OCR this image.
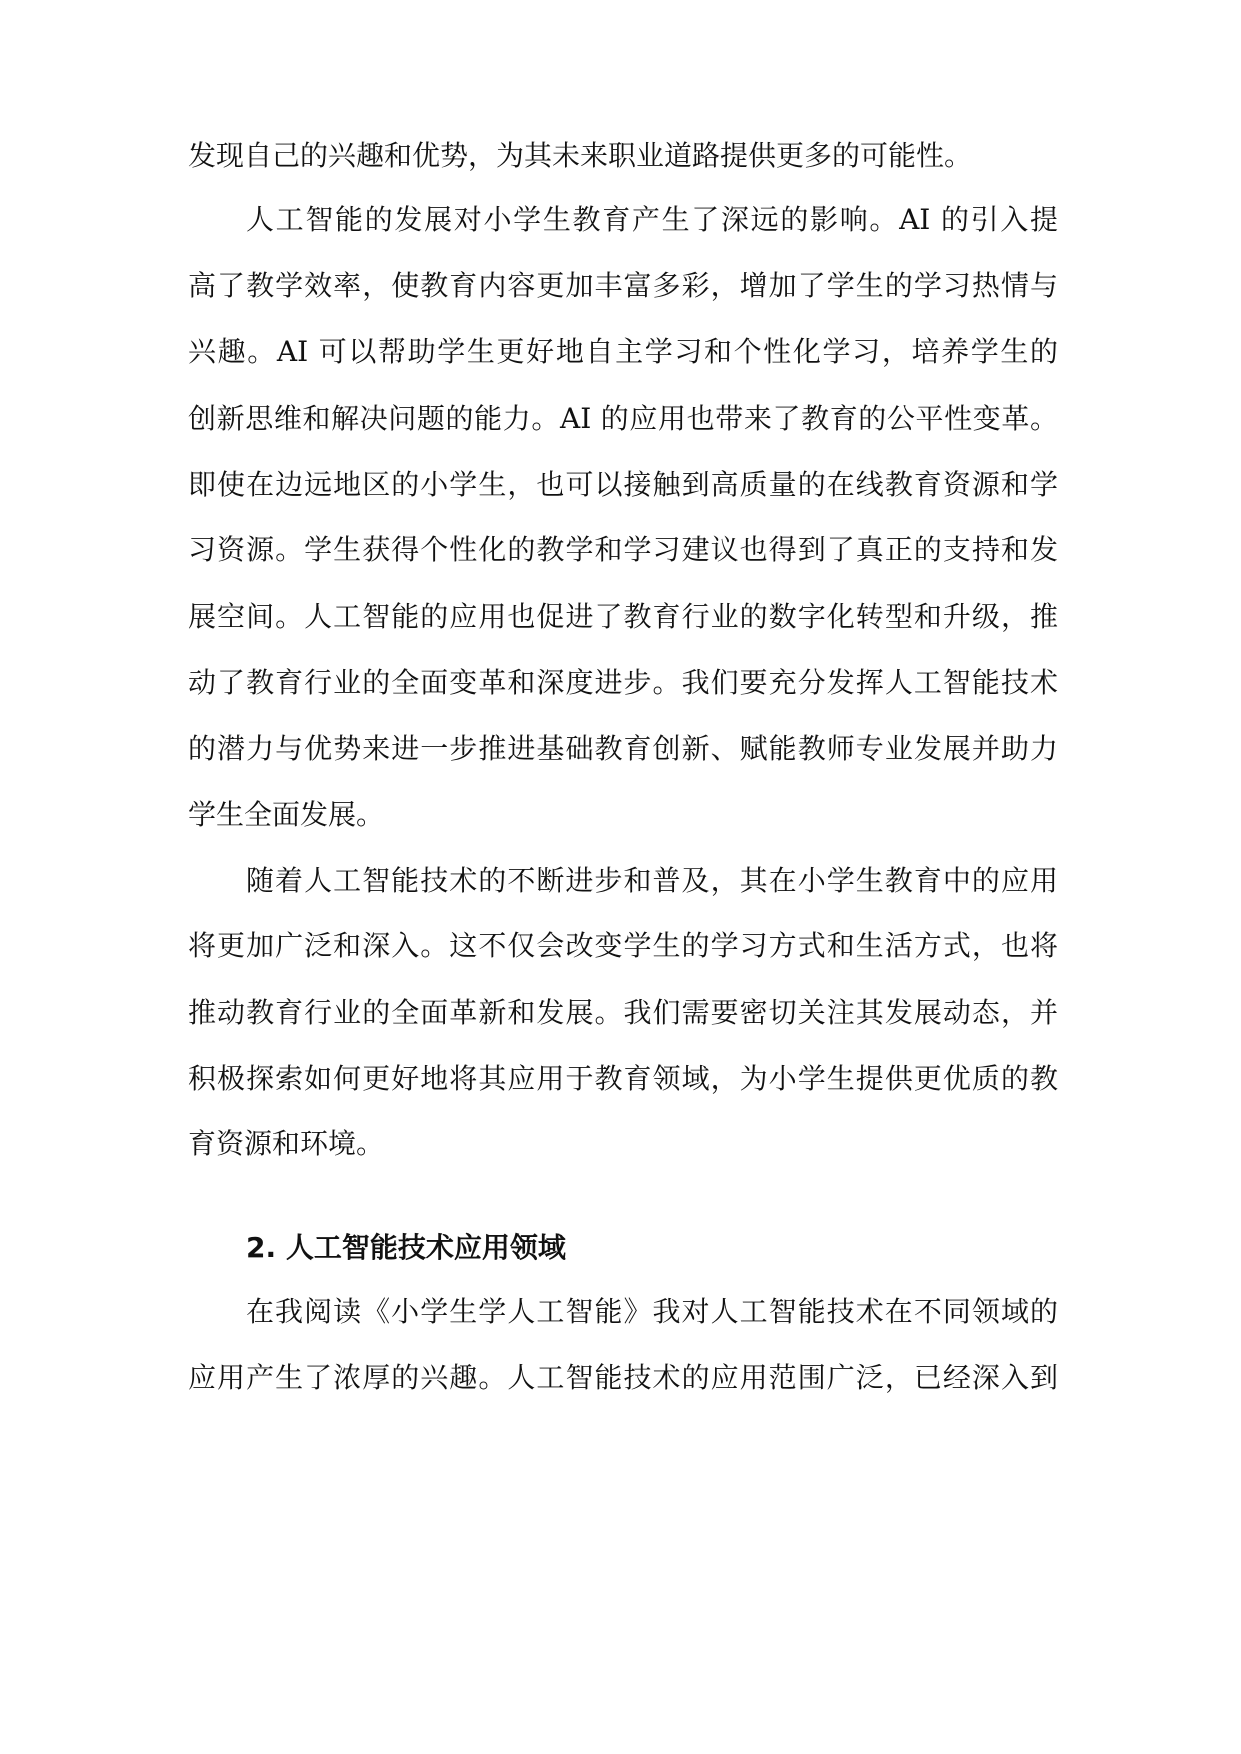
发现自己的兴趣和优势，为其未来职业道路提供更多的可能性。
人工智能的发展对小学生教育产生了深远的影响。AI 的引入提
高了教学效率，使教育内容更加丰富多彩，增加了学生的学习热情与
兴趣。AI 可以帮助学生更好地自主学习和个性化学习，培养学生的
创新思维和解决问题的能力。AI 的应用也带来了教育的公平性变革。
即使在边远地区的小学生，也可以接触到高质量的在线教育资源和学
习资源。学生获得个性化的教学和学习建议也得到了真正的支持和发
展空间。人工智能的应用也促进了教育行业的数字化转型和升级，推
动了教育行业的全面变革和深度进步。我们要充分发挥人工智能技术
的潜力与优势来进一步推进基础教育创新、赋能教师专业发展并助力
学生全面发展。
随着人工智能技术的不断进步和普及，其在小学生教育中的应用
将更加广泛和深入。这不仅会改变学生的学习方式和生活方式，也将
推动教育行业的全面革新和发展。我们需要密切关注其发展动态，并
积极探索如何更好地将其应用于教育领域，为小学生提供更优质的教
育资源和环境。
2. 人工智能技术应用领域
在我阅读《小学生学人工智能》我对人工智能技术在不同领域的
应用产生了浓厚的兴趣。人工智能技术的应用范围广泛，已经深入到
